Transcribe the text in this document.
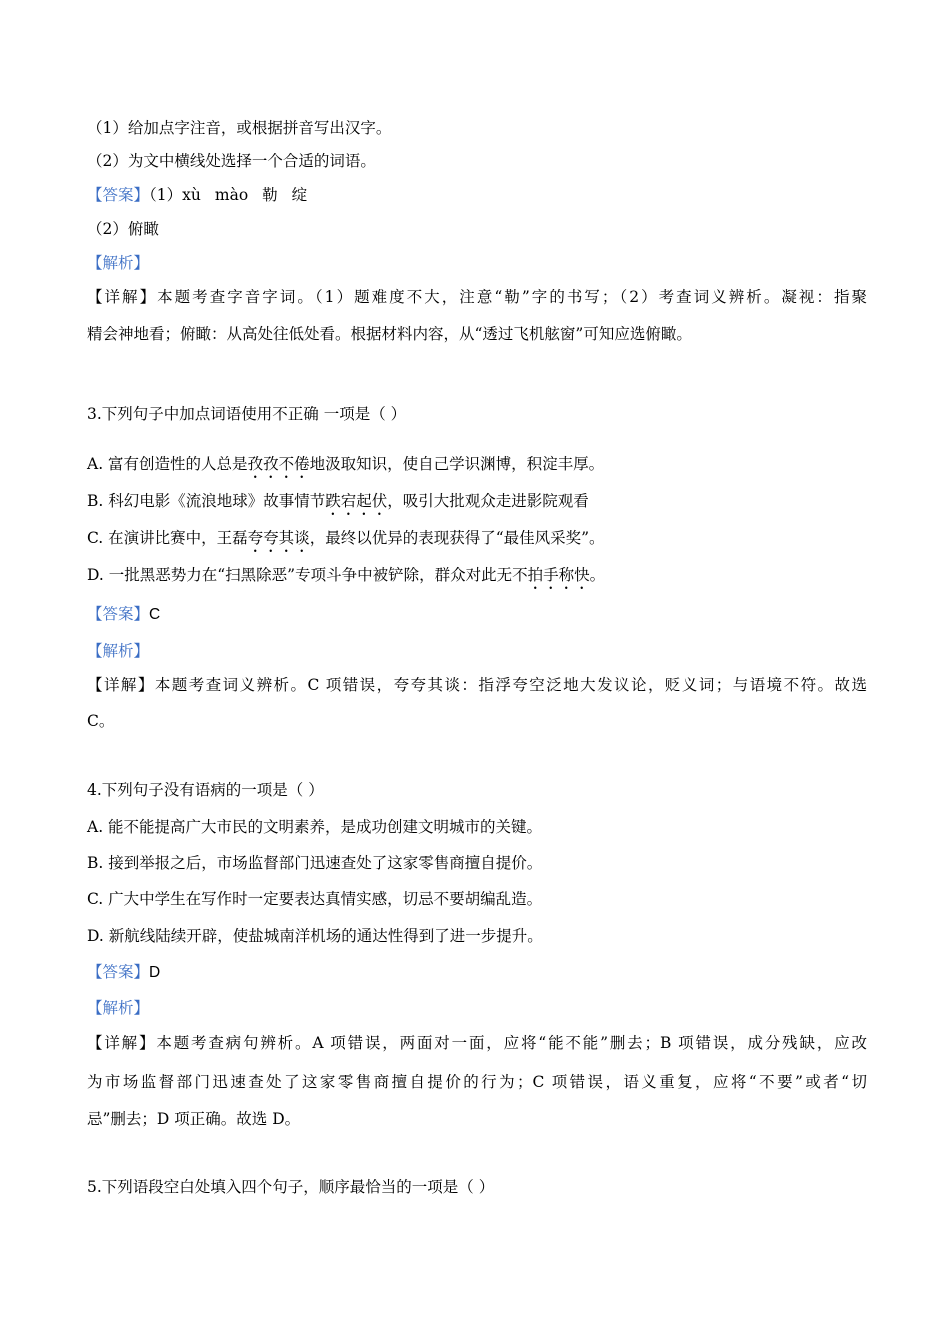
（1）给加点字注音，或根据拼音写出汉字。
（2）为文中横线处选择一个合适的词语。
【答案】（1）xù mào 勒 绽
（2）俯瞰
【解析】
【详解】本题考查字音字词。（1）题难度不大，注意“勒”字的书写；（2）考查词义辨析。凝视：指聚
精会神地看；俯瞰：从高处往低处看。根据材料内容，从“透过飞机舷窗”可知应选俯瞰。
3.下列句子中加点词语使用不正确 一项是（ ）
A. 富有创造性的人总是孜孜不倦地汲取知识，使自己学识渊博，积淀丰厚。
B. 科幻电影《流浪地球》故事情节跌宕起伏，吸引大批观众走进影院观看
C. 在演讲比赛中，王磊夸夸其谈，最终以优异的表现获得了“最佳风采奖”。
D. 一批黑恶势力在“扫黑除恶”专项斗争中被铲除，群众对此无不拍手称快。
【答案】C
【解析】
【详解】本题考查词义辨析。C 项错误，夸夸其谈：指浮夸空泛地大发议论，贬义词；与语境不符。故选
C。
4.下列句子没有语病的一项是（ ）
A. 能不能提高广大市民的文明素养，是成功创建文明城市的关键。
B. 接到举报之后，市场监督部门迅速查处了这家零售商擅自提价。
C. 广大中学生在写作时一定要表达真情实感，切忌不要胡编乱造。
D. 新航线陆续开辟，使盐城南洋机场的通达性得到了进一步提升。
【答案】D
【解析】
【详解】本题考查病句辨析。A 项错误，两面对一面，应将“能不能”删去；B 项错误，成分残缺，应改
为市场监督部门迅速查处了这家零售商擅自提价的行为；C 项错误，语义重复，应将“不要”或者“切
忌”删去；D 项正确。故选 D。
5.下列语段空白处填入四个句子，顺序最恰当的一项是（ ）
